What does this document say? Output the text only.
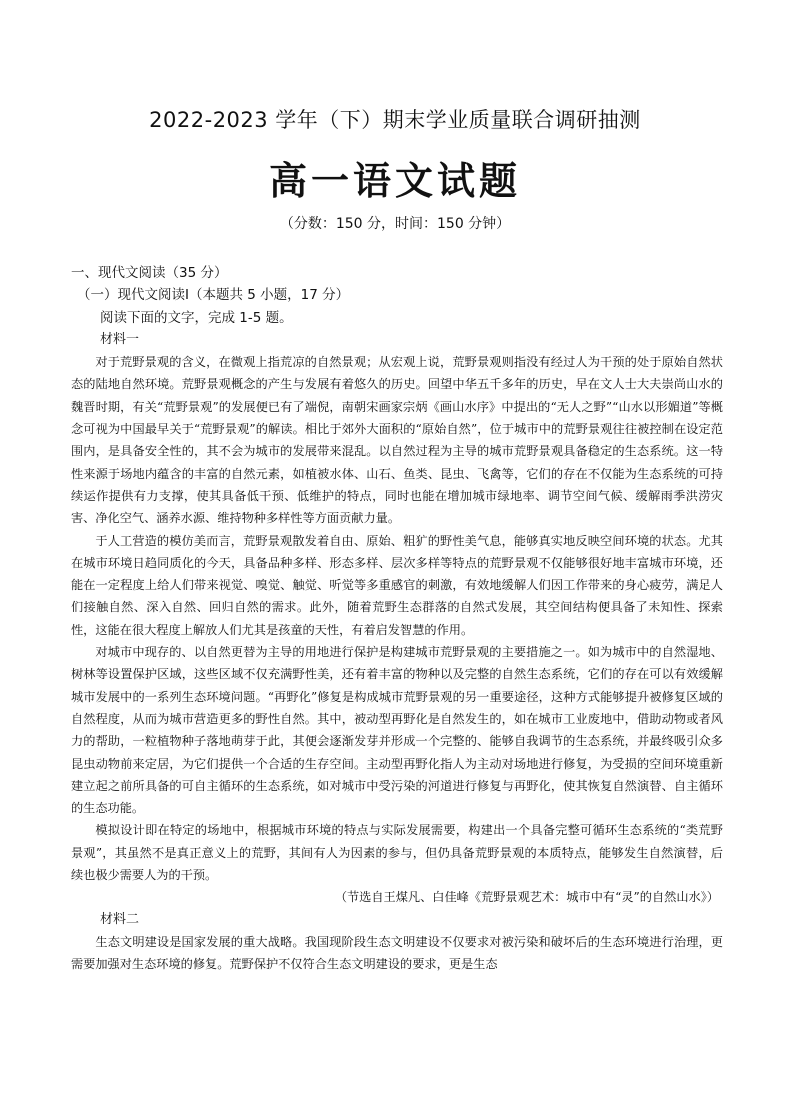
2022-2023 学年（下）期末学业质量联合调研抽测
高一语文试题
（分数：150 分，时间：150 分钟）
一、现代文阅读（35 分）
（一）现代文阅读Ⅰ（本题共 5 小题，17 分）
阅读下面的文字，完成 1-5 题。
材料一

对于荒野景观的含义，在微观上指荒凉的自然景观；从宏观上说，荒野景观则指没有经过人为干预的处于原始自然状态的陆地自然环境。荒野景观概念的产生与发展有着悠久的历史。回望中华五千多年的历史，早在文人士大夫崇尚山水的魏晋时期，有关“荒野景观”的发展便已有了端倪，南朝宋画家宗炳《画山水序》中提出的“无人之野”“山水以形媚道”等概念可视为中国最早关于“荒野景观”的解读。相比于郊外大面积的“原始自然”，位于城市中的荒野景观往往被控制在设定范围内，是具备安全性的，其不会为城市的发展带来混乱。以自然过程为主导的城市荒野景观具备稳定的生态系统。这一特性来源于场地内蕴含的丰富的自然元素，如植被水体、山石、鱼类、昆虫、飞禽等，它们的存在不仅能为生态系统的可持续运作提供有力支撑，使其具备低干预、低维护的特点，同时也能在增加城市绿地率、调节空间气候、缓解雨季洪涝灾害、净化空气、涵养水源、维持物种多样性等方面贡献力量。

于人工营造的模仿美而言，荒野景观散发着自由、原始、粗犷的野性美气息，能够真实地反映空间环境的状态。尤其在城市环境日趋同质化的今天，具备品种多样、形态多样、层次多样等特点的荒野景观不仅能够很好地丰富城市环境，还能在一定程度上给人们带来视觉、嗅觉、触觉、听觉等多重感官的刺激，有效地缓解人们因工作带来的身心疲劳，满足人们接触自然、深入自然、回归自然的需求。此外，随着荒野生态群落的自然式发展，其空间结构便具备了未知性、探索性，这能在很大程度上解放人们尤其是孩童的天性，有着启发智慧的作用。

对城市中现存的、以自然更替为主导的用地进行保护是构建城市荒野景观的主要措施之一。如为城市中的自然湿地、树林等设置保护区域，这些区域不仅充满野性美，还有着丰富的物种以及完整的自然生态系统，它们的存在可以有效缓解城市发展中的一系列生态环境问题。“再野化”修复是构成城市荒野景观的另一重要途径，这种方式能够提升被修复区域的自然程度，从而为城市营造更多的野性自然。其中，被动型再野化是自然发生的，如在城市工业废地中，借助动物或者风力的帮助，一粒植物种子落地萌芽于此，其便会逐渐发芽并形成一个完整的、能够自我调节的生态系统，并最终吸引众多昆虫动物前来定居，为它们提供一个合适的生存空间。主动型再野化指人为主动对场地进行修复，为受损的空间环境重新建立起之前所具备的可自主循环的生态系统，如对城市中受污染的河道进行修复与再野化，使其恢复自然演替、自主循环的生态功能。

模拟设计即在特定的场地中，根据城市环境的特点与实际发展需要，构建出一个具备完整可循环生态系统的“类荒野景观”，其虽然不是真正意义上的荒野，其间有人为因素的参与，但仍具备荒野景观的本质特点，能够发生自然演替，后续也极少需要人为的干预。

（节选自王煤凡、白佳峰《荒野景观艺术：城市中有“灵”的自然山水》）
材料二

生态文明建设是国家发展的重大战略。我国现阶段生态文明建设不仅要求对被污染和破坏后的生态环境进行治理，更需要加强对生态环境的修复。荒野保护不仅符合生态文明建设的要求，更是生态
